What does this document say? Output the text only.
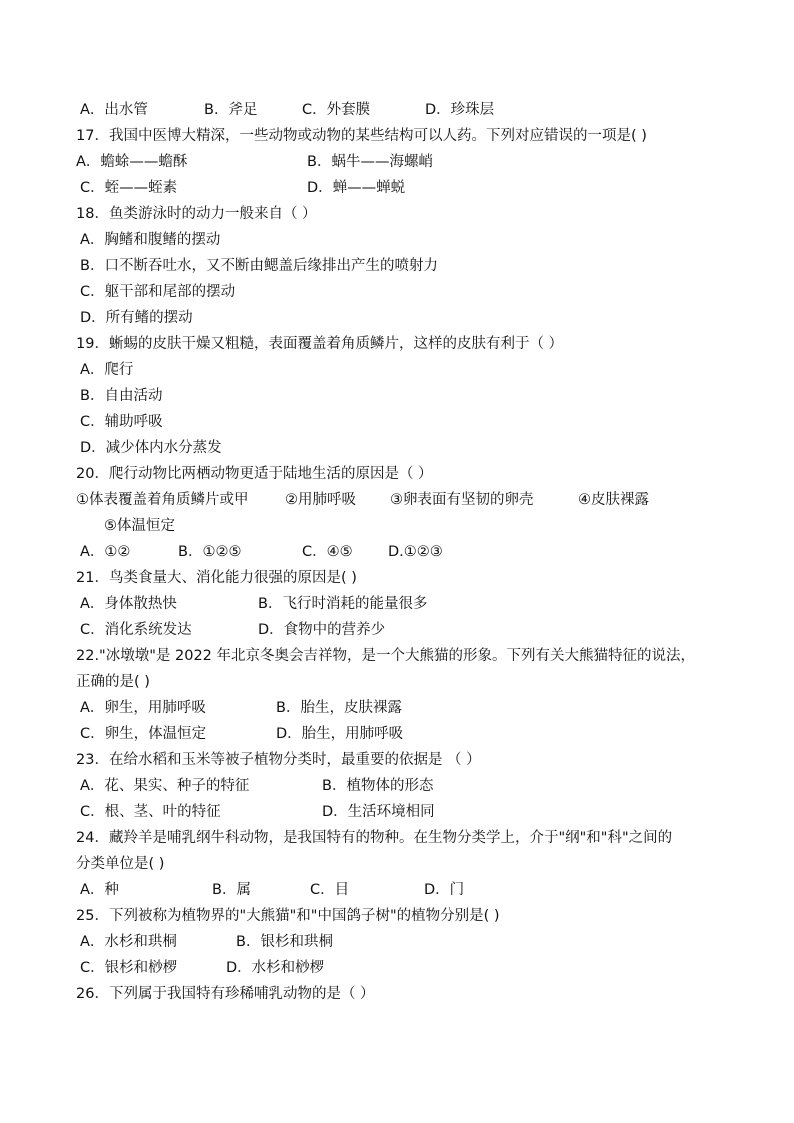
A．出水管	B．斧足	C．外套膜	D．珍珠层
17．我国中医博大精深，一些动物或动物的某些结构可以人药。下列对应错误的一项是( )
A．蟾蜍——蟾酥	B．蜗牛——海螺峭
C．蛭——蛭素	D．蝉——蝉蜕
18．鱼类游泳时的动力一般来自（ ）
A．胸鳍和腹鳍的摆动
B．口不断吞吐水，又不断由鳃盖后缘排出产生的喷射力
C．躯干部和尾部的摆动
D．所有鳍的摆动
19．蜥蜴的皮肤干燥又粗糙，表面覆盖着角质鳞片，这样的皮肤有利于（ ）
A．爬行
B．自由活动
C．辅助呼吸
D．减少体内水分蒸发
20．爬行动物比两栖动物更适于陆地生活的原因是（ ）
①体表覆盖着角质鳞片或甲	②用肺呼吸 ③卵表面有坚韧的卵壳	④皮肤裸露
⑤体温恒定
A．①②	B．①②⑤	C．④⑤ D.①②③
21．鸟类食量大、消化能力很强的原因是( )
A．身体散热快	B．飞行时消耗的能量很多
C．消化系统发达	D．食物中的营养少
22."冰墩墩"是 2022 年北京冬奥会吉祥物，是一个大熊猫的形象。下列有关大熊猫特征的说法，
正确的是( )
A．卵生，用肺呼吸	B．胎生，皮肤裸露
C．卵生，体温恒定	D．胎生，用肺呼吸
23．在给水稻和玉米等被子植物分类时，最重要的依据是 （ ）
A．花、果实、种子的特征	B．植物体的形态
C．根、茎、叶的特征	D．生活环境相同
24．藏羚羊是哺乳纲牛科动物，是我国特有的物种。在生物分类学上，介于"纲"和"科"之间的
分类单位是( )
A．种	B．属	C．目	D．门
25．下列被称为植物界的"大熊猫"和"中国鸽子树"的植物分别是( )
A．水杉和珙桐	B．银杉和珙桐
C．银杉和桫椤	D．水杉和桫椤
26．下列属于我国特有珍稀哺乳动物的是（ ）
